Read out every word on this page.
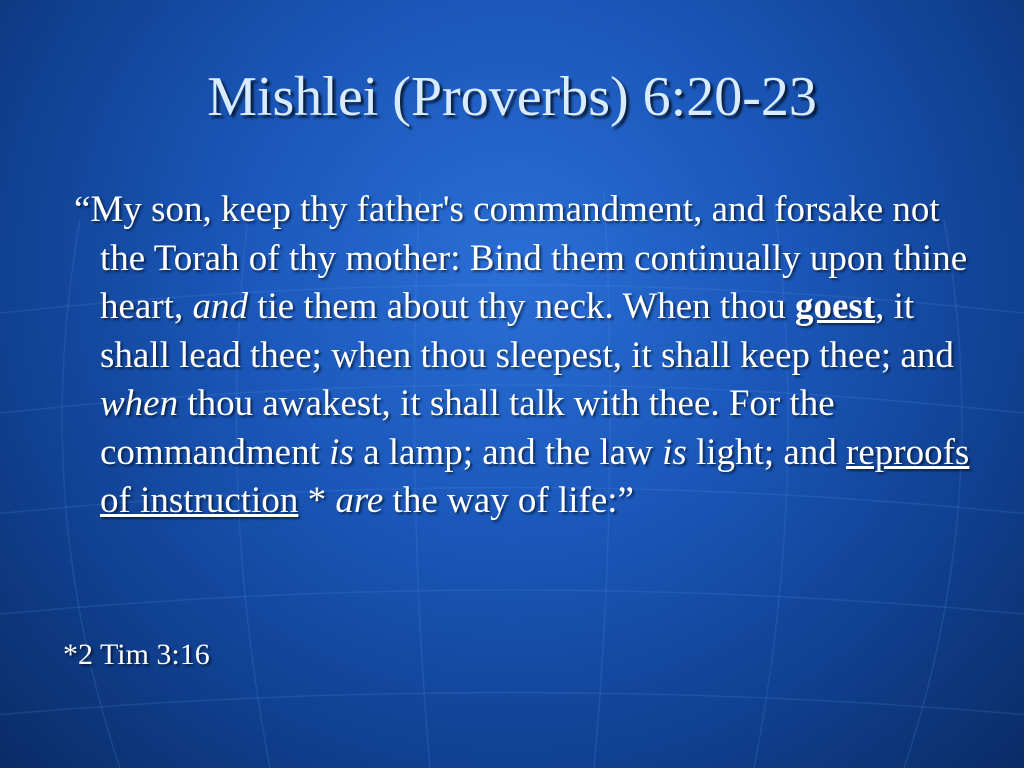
Mishlei (Proverbs) 6:20-23

“My son, keep thy father's commandment, and forsake not the Torah of thy mother: Bind them continually upon thine heart, and tie them about thy neck. When thou goest, it shall lead thee; when thou sleepest, it shall keep thee; and when thou awakest, it shall talk with thee. For the commandment is a lamp; and the law is light; and reproofs of instruction * are the way of life:”

*2 Tim 3:16
